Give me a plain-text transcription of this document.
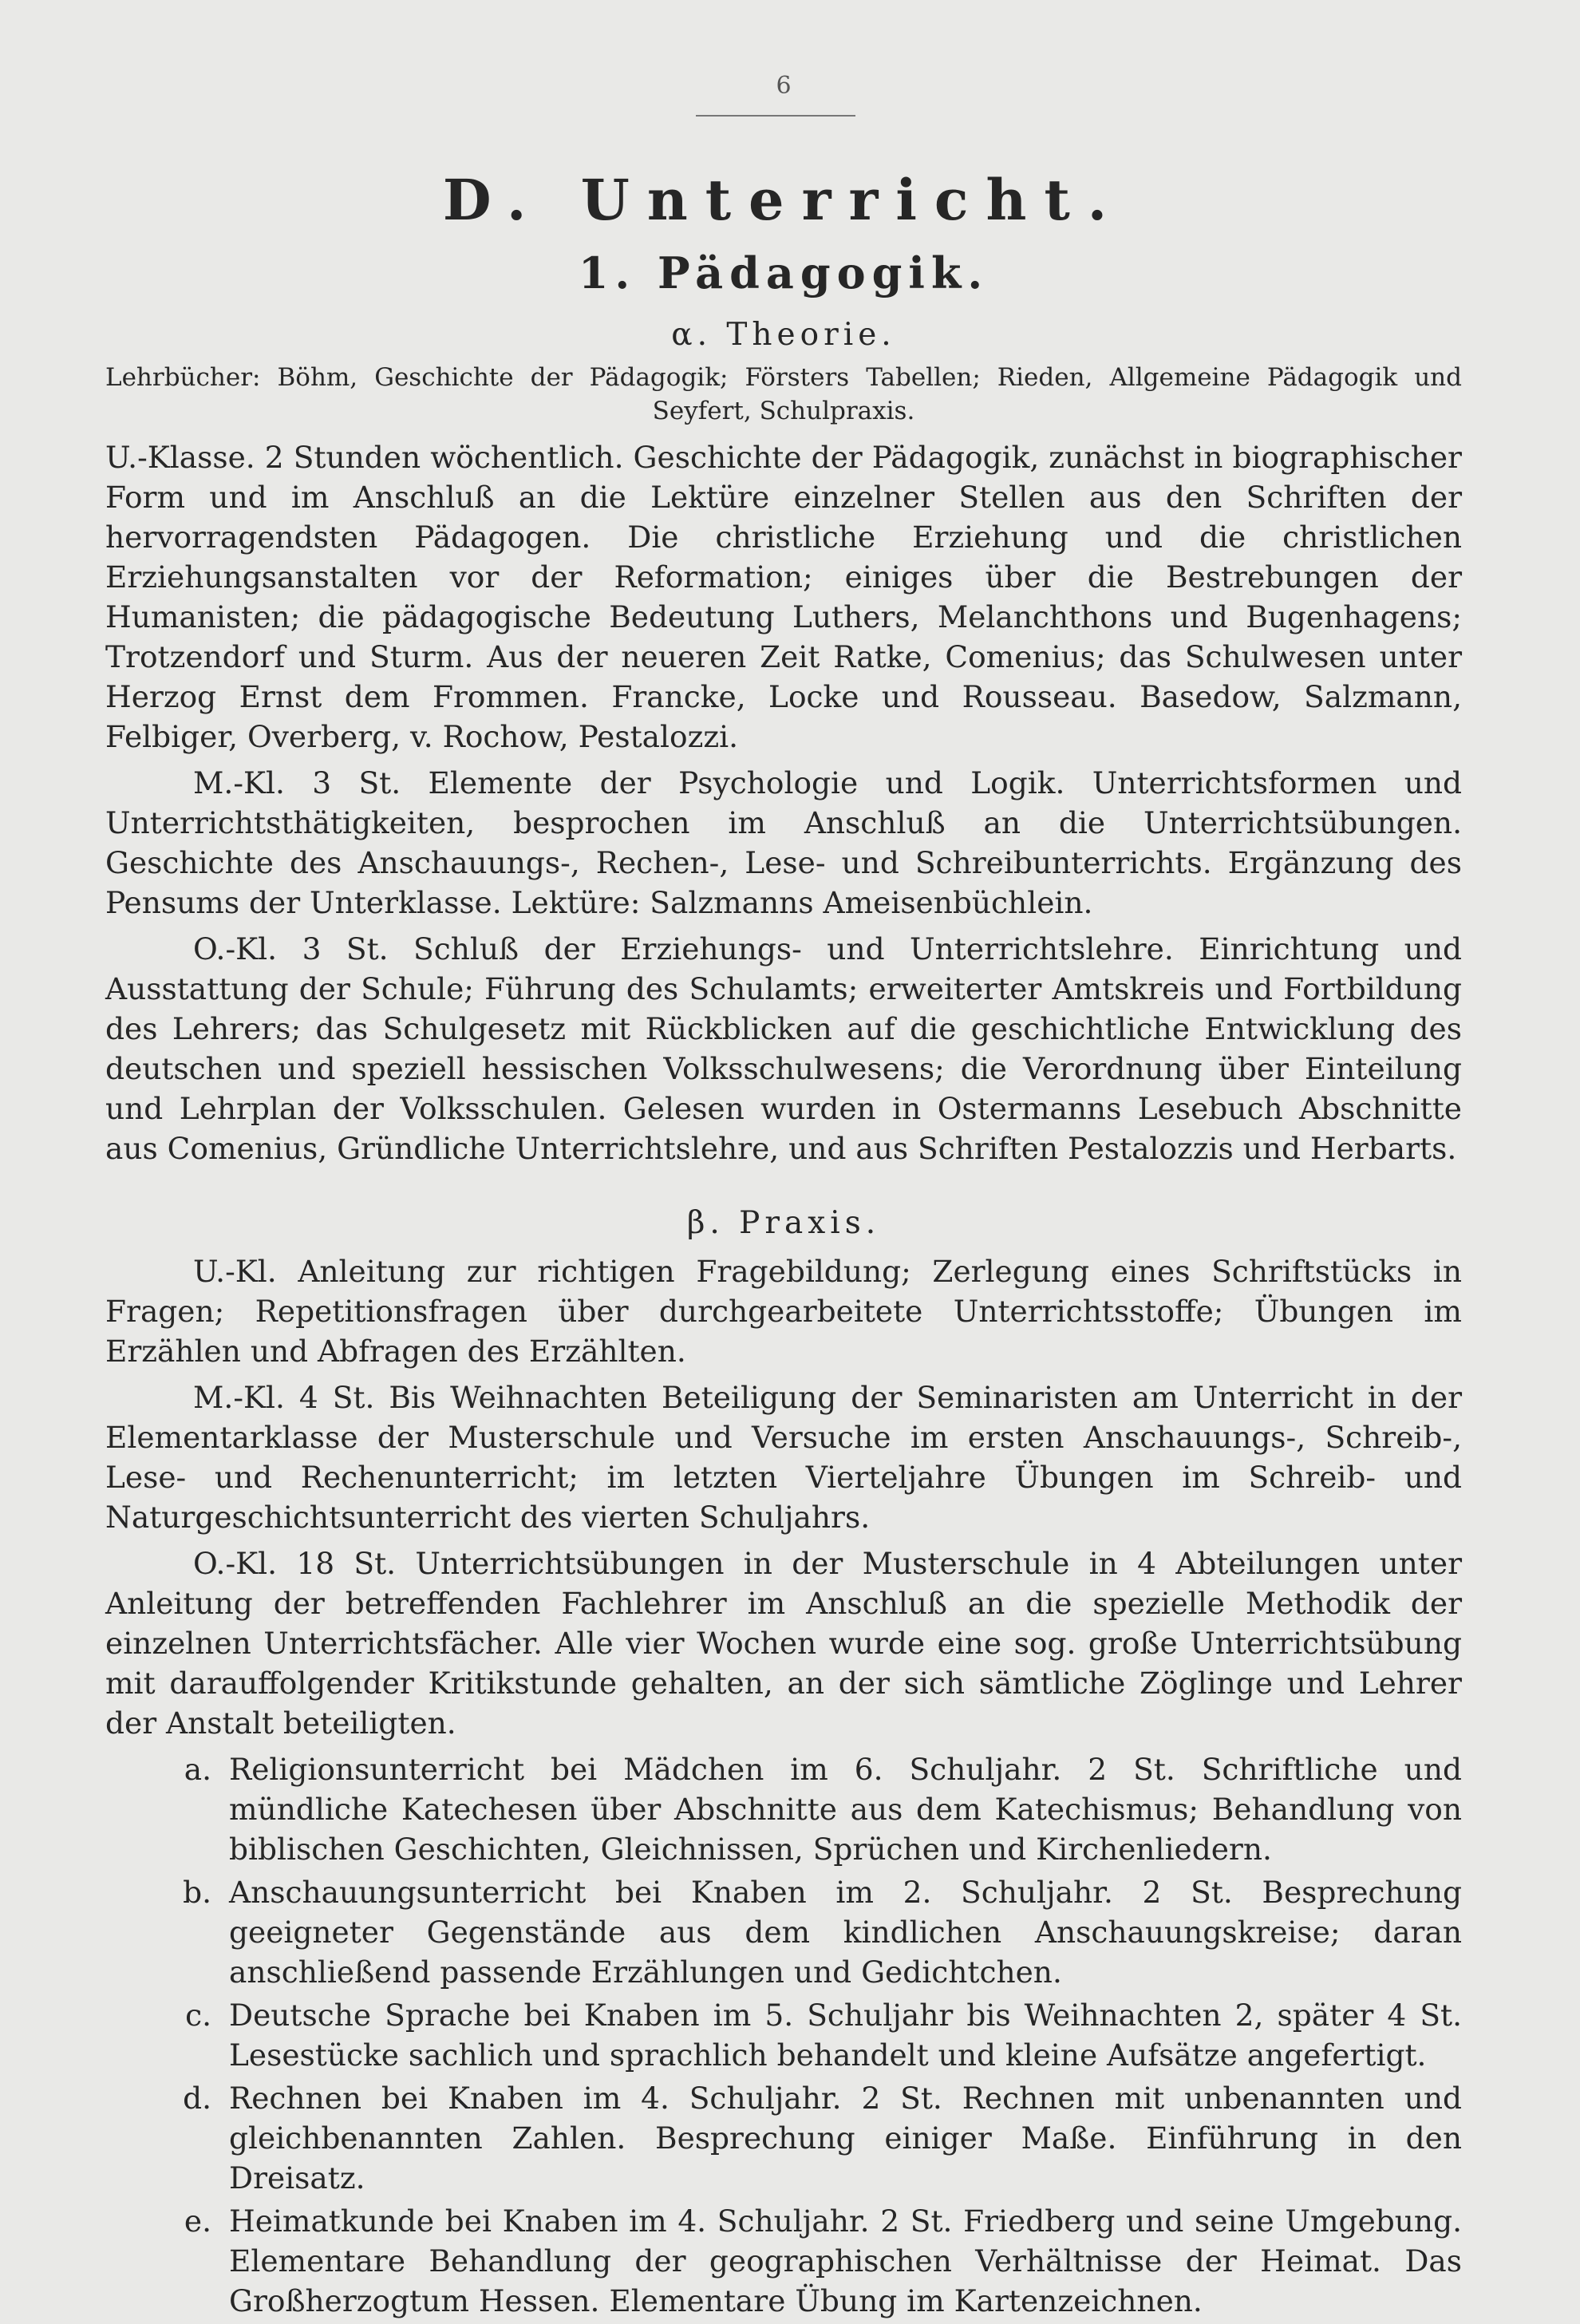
6
D. Unterricht.
1. Pädagogik.
α. Theorie.
Lehrbücher: Böhm, Geschichte der Pädagogik; Försters Tabellen; Rieden, Allgemeine Pädagogik und Seyfert, Schulpraxis.

U.-Klasse. 2 Stunden wöchentlich. Geschichte der Pädagogik, zunächst in biographischer Form und im Anschluß an die Lektüre einzelner Stellen aus den Schriften der hervorragendsten Pädagogen. Die christliche Erziehung und die christlichen Erziehungsanstalten vor der Reformation; einiges über die Bestrebungen der Humanisten; die pädagogische Bedeutung Luthers, Melanchthons und Bugenhagens; Trotzendorf und Sturm. Aus der neueren Zeit Ratke, Comenius; das Schulwesen unter Herzog Ernst dem Frommen. Francke, Locke und Rousseau. Basedow, Salzmann, Felbiger, Overberg, v. Rochow, Pestalozzi.

M.-Kl. 3 St. Elemente der Psychologie und Logik. Unterrichtsformen und Unterrichtsthätigkeiten, besprochen im Anschluß an die Unterrichtsübungen. Geschichte des Anschauungs-, Rechen-, Lese- und Schreibunterrichts. Ergänzung des Pensums der Unterklasse. Lektüre: Salzmanns Ameisenbüchlein.

O.-Kl. 3 St. Schluß der Erziehungs- und Unterrichtslehre. Einrichtung und Ausstattung der Schule; Führung des Schulamts; erweiterter Amtskreis und Fortbildung des Lehrers; das Schulgesetz mit Rückblicken auf die geschichtliche Entwicklung des deutschen und speziell hessischen Volksschulwesens; die Verordnung über Einteilung und Lehrplan der Volksschulen. Gelesen wurden in Ostermanns Lesebuch Abschnitte aus Comenius, Gründliche Unterrichtslehre, und aus Schriften Pestalozzis und Herbarts.

β. Praxis.

U.-Kl. Anleitung zur richtigen Fragebildung; Zerlegung eines Schriftstücks in Fragen; Repetitionsfragen über durchgearbeitete Unterrichtsstoffe; Übungen im Erzählen und Abfragen des Erzählten.

M.-Kl. 4 St. Bis Weihnachten Beteiligung der Seminaristen am Unterricht in der Elementarklasse der Musterschule und Versuche im ersten Anschauungs-, Schreib-, Lese- und Rechenunterricht; im letzten Vierteljahre Übungen im Schreib- und Naturgeschichtsunterricht des vierten Schuljahrs.

O.-Kl. 18 St. Unterrichtsübungen in der Musterschule in 4 Abteilungen unter Anleitung der betreffenden Fachlehrer im Anschluß an die spezielle Methodik der einzelnen Unterrichtsfächer. Alle vier Wochen wurde eine sog. große Unterrichtsübung mit darauffolgender Kritikstunde gehalten, an der sich sämtliche Zöglinge und Lehrer der Anstalt beteiligten.

a. Religionsunterricht bei Mädchen im 6. Schuljahr. 2 St. Schriftliche und mündliche Katechesen über Abschnitte aus dem Katechismus; Behandlung von biblischen Geschichten, Gleichnissen, Sprüchen und Kirchenliedern.
b. Anschauungsunterricht bei Knaben im 2. Schuljahr. 2 St. Besprechung geeigneter Gegenstände aus dem kindlichen Anschauungskreise; daran anschließend passende Erzählungen und Gedichtchen.
c. Deutsche Sprache bei Knaben im 5. Schuljahr bis Weihnachten 2, später 4 St. Lesestücke sachlich und sprachlich behandelt und kleine Aufsätze angefertigt.
d. Rechnen bei Knaben im 4. Schuljahr. 2 St. Rechnen mit unbenannten und gleichbenannten Zahlen. Besprechung einiger Maße. Einführung in den Dreisatz.
e. Heimatkunde bei Knaben im 4. Schuljahr. 2 St. Friedberg und seine Umgebung. Elementare Behandlung der geographischen Verhältnisse der Heimat. Das Großherzogtum Hessen. Elementare Übung im Kartenzeichnen.
